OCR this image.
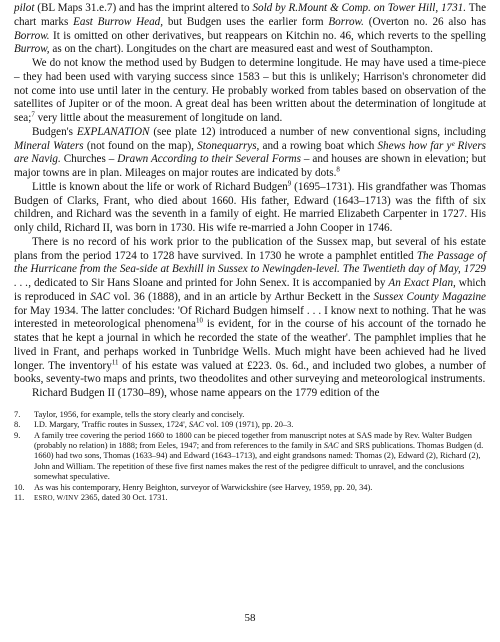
pilot (BL Maps 31.e.7) and has the imprint altered to Sold by R.Mount & Comp. on Tower Hill, 1731. The chart marks East Burrow Head, but Budgen uses the earlier form Borrow. (Overton no. 26 also has Borrow. It is omitted on other derivatives, but reappears on Kitchin no. 46, which reverts to the spelling Burrow, as on the chart). Longitudes on the chart are measured east and west of Southampton.

We do not know the method used by Budgen to determine longitude. He may have used a time-piece – they had been used with varying success since 1583 – but this is unlikely; Harrison's chronometer did not come into use until later in the century. He probably worked from tables based on observation of the satellites of Jupiter or of the moon. A great deal has been written about the determination of longitude at sea;$^7$ very little about the measurement of longitude on land.

Budgen's EXPLANATION (see plate 12) introduced a number of new conventional signs, including Mineral Waters (not found on the map), Stonequarrys, and a rowing boat which Shews how far yᵉ Rivers are Navig. Churches – Drawn According to their Several Forms – and houses are shown in elevation; but major towns are in plan. Mileages on major routes are indicated by dots.$^8$

Little is known about the life or work of Richard Budgen$^9$ (1695–1731). His grandfather was Thomas Budgen of Clarks, Frant, who died about 1660. His father, Edward (1643–1713) was the fifth of six children, and Richard was the seventh in a family of eight. He married Elizabeth Carpenter in 1727. His only child, Richard II, was born in 1730. His wife re-married a John Cooper in 1746.

There is no record of his work prior to the publication of the Sussex map, but several of his estate plans from the period 1724 to 1728 have survived. In 1730 he wrote a pamphlet entitled The Passage of the Hurricane from the Sea-side at Bexhill in Sussex to Newingden-level. The Twentieth day of May, 1729 . . ., dedicated to Sir Hans Sloane and printed for John Senex. It is accompanied by An Exact Plan, which is reproduced in SAC vol. 36 (1888), and in an article by Arthur Beckett in the Sussex County Magazine for May 1934. The latter concludes: 'Of Richard Budgen himself . . . I know next to nothing. That he was interested in meteorological phenomena$^{10}$ is evident, for in the course of his account of the tornado he states that he kept a journal in which he recorded the state of the weather'. The pamphlet implies that he lived in Frant, and perhaps worked in Tunbridge Wells. Much might have been achieved had he lived longer. The inventory$^{11}$ of his estate was valued at £223. 0s. 6d., and included two globes, a number of books, seventy-two maps and prints, two theodolites and other surveying and meteorological instruments.

Richard Budgen II (1730–89), whose name appears on the 1779 edition of the

7.	Taylor, 1956, for example, tells the story clearly and concisely.
8.	I.D. Margary, 'Traffic routes in Sussex, 1724', SAC vol. 109 (1971), pp. 20–3.
9.	A family tree covering the period 1660 to 1800 can be pieced together from manuscript notes at SAS made by Rev. Walter Budgen (probably no relation) in 1888; from Eeles, 1947; and from references to the family in SAC and SRS publications. Thomas Budgen (d. 1660) had two sons, Thomas (1633–94) and Edward (1643–1713), and eight grandsons named: Thomas (2), Edward (2), Richard (2), John and William. The repetition of these five first names makes the rest of the pedigree difficult to unravel, and the conclusions somewhat speculative.
10.	As was his contemporary, Henry Beighton, surveyor of Warwickshire (see Harvey, 1959, pp. 20, 34).
11.	ESRO, W/INV 2365, dated 30 Oct. 1731.
58
